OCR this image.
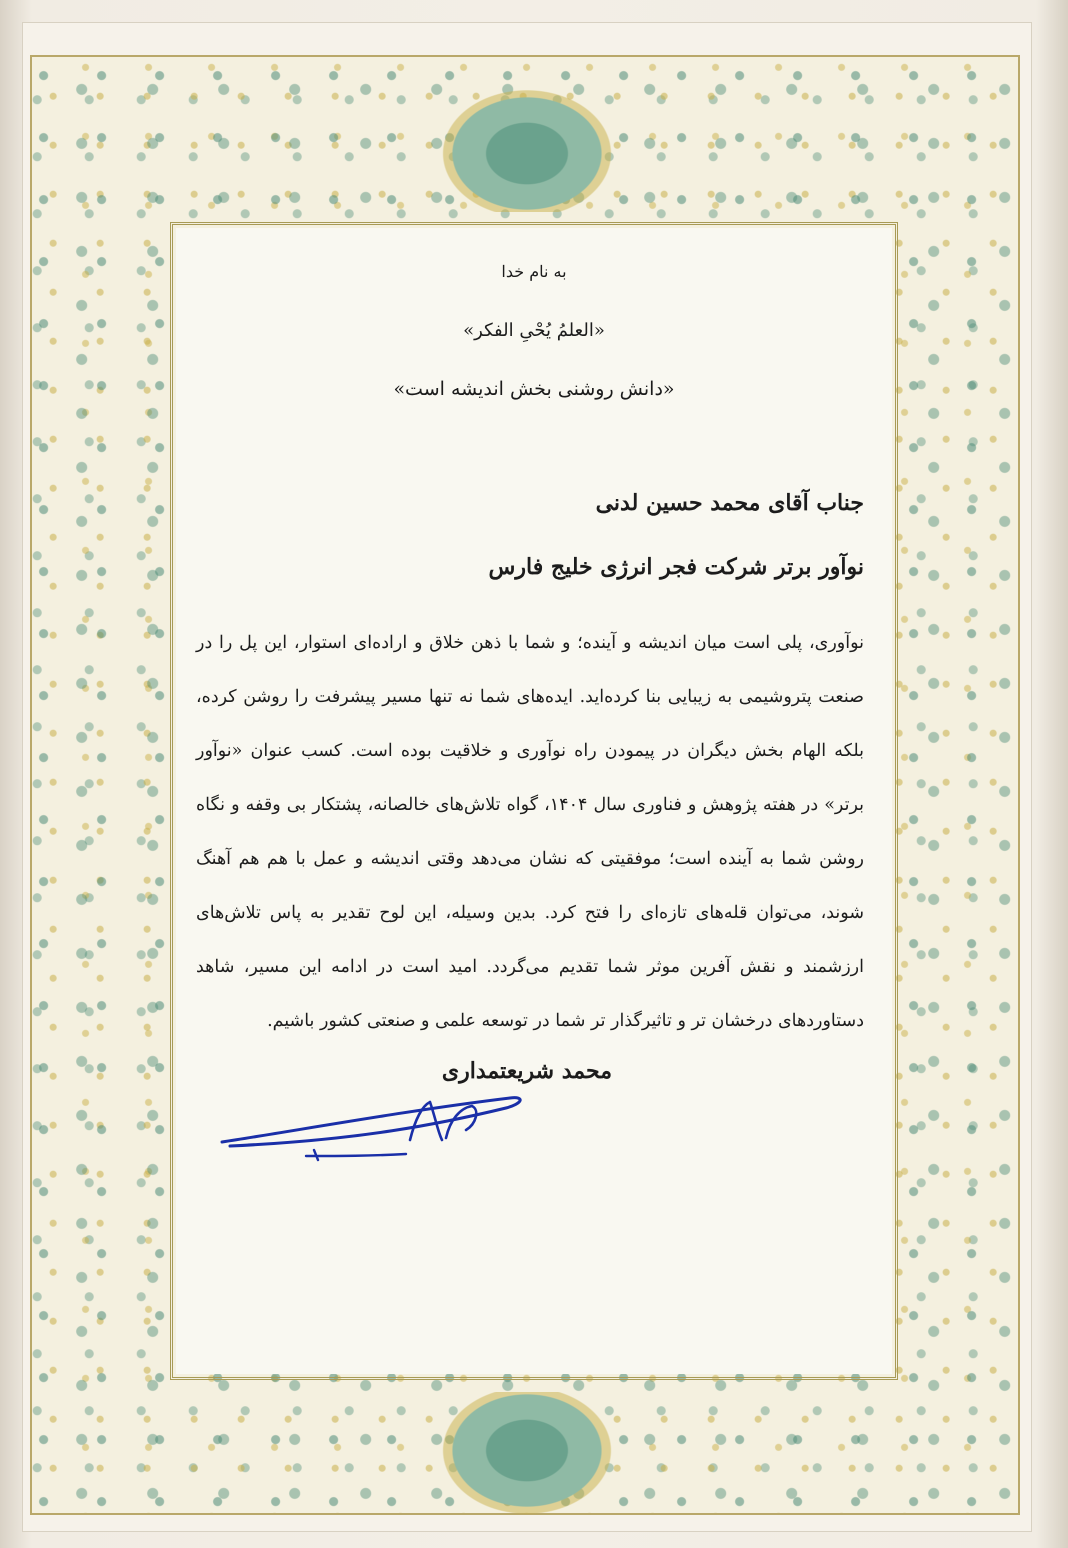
به نام خدا
«العلمُ یُحْیِ الفکر»
«دانش روشنی بخش اندیشه است»
جناب آقای محمد حسین لدنی
نوآور برتر شرکت فجر انرژی خلیج فارس
نوآوری، پلی است میان اندیشه و آینده؛ و شما با ذهن خلاق و اراده‌ای استوار، این پل را در صنعت پتروشیمی به زیبایی بنا کرده‌اید. ایده‌های شما نه تنها مسیر پیشرفت را روشن کرده، بلکه الهام بخش دیگران در پیمودن راه نوآوری و خلاقیت بوده است. کسب عنوان «نوآور برتر» در هفته پژوهش و فناوری سال ۱۴۰۴، گواه تلاش‌های خالصانه، پشتکار بی وقفه و نگاه روشن شما به آینده است؛ موفقیتی که نشان می‌دهد وقتی اندیشه و عمل با هم هم آهنگ شوند، می‌توان قله‌های تازه‌ای را فتح کرد. بدین وسیله، این لوح تقدیر به پاس تلاش‌های ارزشمند و نقش آفرین موثر شما تقدیم می‌گردد. امید است در ادامه این مسیر، شاهد دستاوردهای درخشان تر و تاثیرگذار تر شما در توسعه علمی و صنعتی کشور باشیم.
محمد شریعتمداری
